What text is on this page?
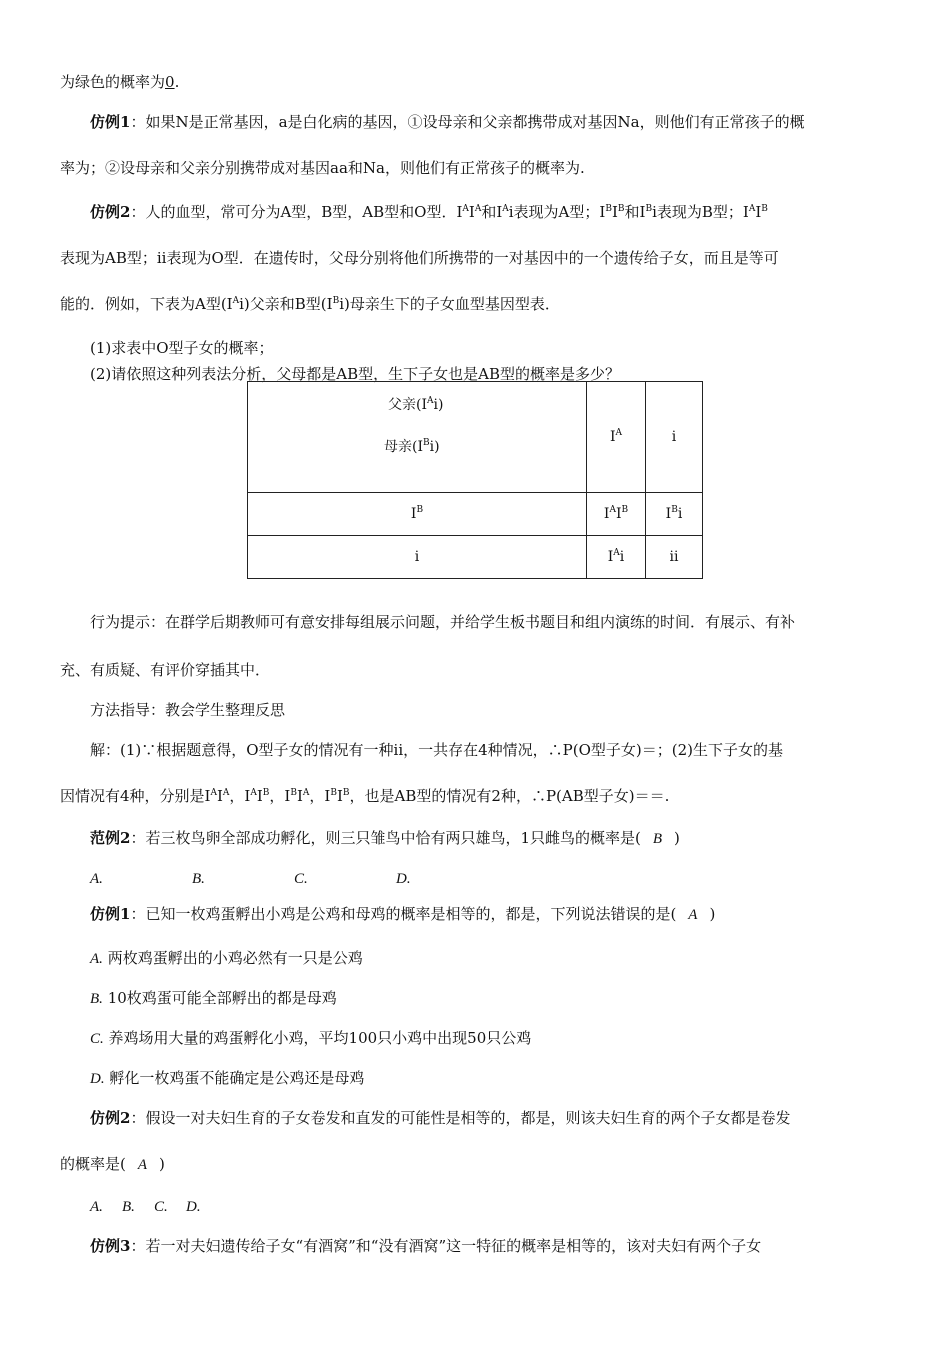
为绿色的概率为0.
仿例1：如果N是正常基因，a是白化病的基因，①设母亲和父亲都携带成对基因Na，则他们有正常孩子的概
率为；②设母亲和父亲分别携带成对基因aa和Na，则他们有正常孩子的概率为.
仿例2：人的血型，常可分为A型，B型，AB型和O型．$I^AI^A$和$I^Ai$表现为A型；$I^BI^B$和$I^Bi$表现为B型；$I^AI^B$
表现为AB型；ii表现为O型．在遗传时，父母分别将他们所携带的一对基因中的一个遗传给子女，而且是等可
能的．例如，下表为A型$(I^Ai)$父亲和B型$(I^Bi)$母亲生下的子女血型基因型表．
(1)求表中O型子女的概率；
(2)请依照这种列表法分析，父母都是AB型，生下子女也是AB型的概率是多少？
父亲$(I^Ai)$
母亲$(I^Bi)$	$I^A$	i
$I^B$	$I^AI^B$	$I^Bi$
i	$I^Ai$	ii
行为提示：在群学后期教师可有意安排每组展示问题，并给学生板书题目和组内演练的时间．有展示、有补
充、有质疑、有评价穿插其中．
方法指导：教会学生整理反思
解：(1)∵根据题意得，O型子女的情况有一种ii，一共存在4种情况，∴P(O型子女)＝；(2)生下子女的基
因情况有4种，分别是$I^AI^A$，$I^AI^B$，$I^BI^A$，$I^BI^B$，也是AB型的情况有2种，∴P(AB型子女)＝＝.
范例2：若三枚鸟卵全部成功孵化，则三只雏鸟中恰有两只雄鸟，1只雌鸟的概率是( B )
A.	B.	C.	D.
仿例1：已知一枚鸡蛋孵出小鸡是公鸡和母鸡的概率是相等的，都是，下列说法错误的是( A )
A. 两枚鸡蛋孵出的小鸡必然有一只是公鸡
B. 10枚鸡蛋可能全部孵出的都是母鸡
C. 养鸡场用大量的鸡蛋孵化小鸡，平均100只小鸡中出现50只公鸡
D. 孵化一枚鸡蛋不能确定是公鸡还是母鸡
仿例2：假设一对夫妇生育的子女卷发和直发的可能性是相等的，都是，则该夫妇生育的两个子女都是卷发
的概率是( A )
A. B. C. D.
仿例3：若一对夫妇遗传给子女“有酒窝”和“没有酒窝”这一特征的概率是相等的，该对夫妇有两个子女
